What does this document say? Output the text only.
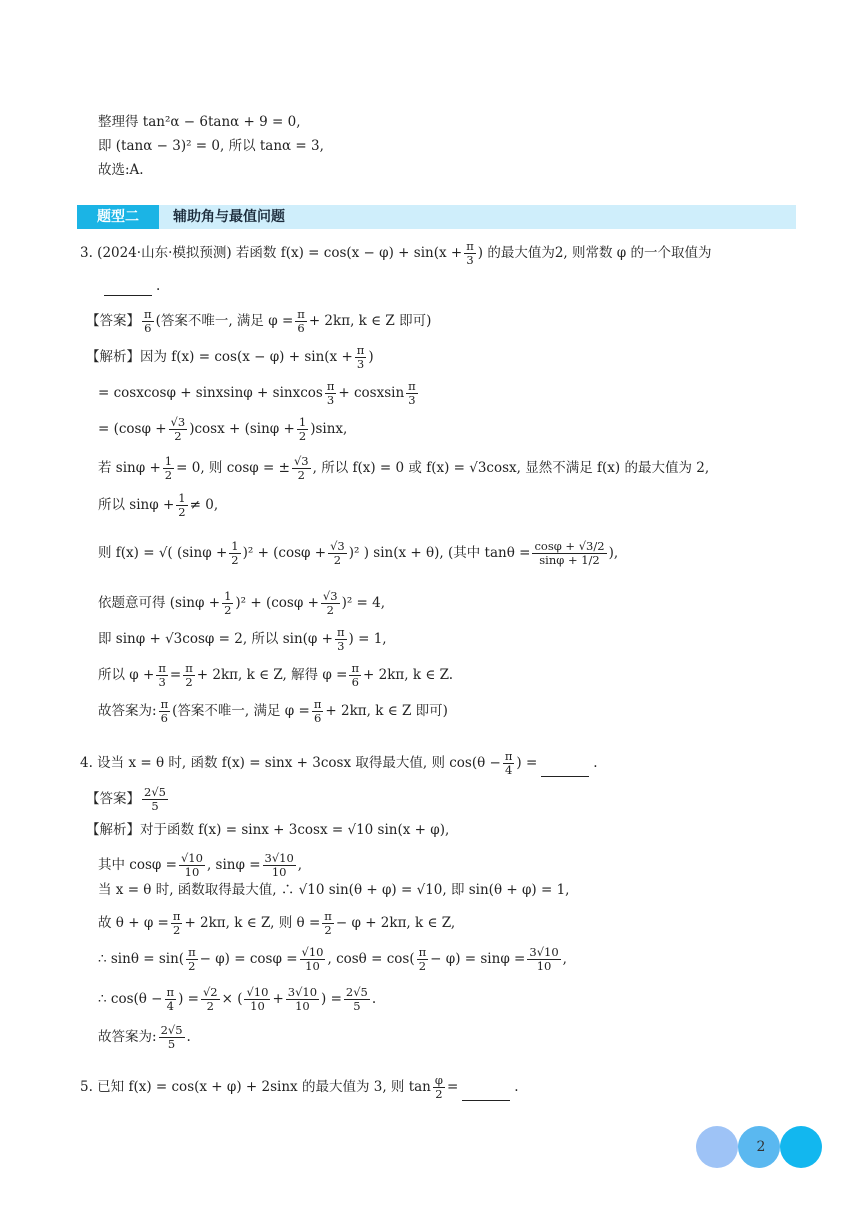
整理得 tan²α − 6tanα + 9 = 0,
即 (tanα − 3)² = 0, 所以 tanα = 3,
故选:A.
题型二	辅助角与最值问题
3. (2024·山东·模拟预测) 若函数 $f(x) = \cos(x - \varphi) + \sin(x + \frac{\pi}{3}$ ) 的最大值为2, 则常数 φ 的一个取值为
.
【答案】 $\frac{\pi}{6}$ (答案不唯一, 满足 $\varphi = \frac{\pi}{6} + 2k\pi$, k ∈ Z 即可)
【解析】因为 $f(x) = \cos(x - \varphi) + \sin(x + \frac{\pi}{3}$ )
= cosxcosφ + sinxsinφ + sinxcos $\frac{\pi}{3}$ + cosxsin $\frac{\pi}{3}$
= $(\cos\varphi + \frac{√3}{2} )\cos x + (\sin\varphi + \frac{1}{2} )\sin x$,
若 $\sin\varphi + \frac{1}{2} = 0$, 则 cosφ = ± $\frac{√3}{2}$ , 所以 f(x) = 0 或 f(x) = √3cosx, 显然不满足 f(x) 的最大值为 2,
所以 $\sin\varphi + \frac{1}{2} \ne 0$,
则 f(x) = √( $(\sin\varphi + \frac{1}{2} )^2 + (\cos\varphi + \frac{√3}{2} )^2$ ) sin(x + θ), (其中 $\tan\theta = \frac{\cos\varphi + √3/2}{\sin\varphi + 1/2}$ ),
依题意可得 $(\sin\varphi + \frac{1}{2} )^2 + (\cos\varphi + \frac{√3}{2} )^2 = 4$,
即 sinφ + √3cosφ = 2, 所以 $\sin(\varphi + \frac{\pi}{3}$ ) = 1,
所以 $\varphi + \frac{\pi}{3} = \frac{\pi}{2} + 2k\pi$, k ∈ Z, 解得 $\varphi = \frac{\pi}{6} + 2k\pi$, k ∈ Z.
故答案为: $\frac{\pi}{6}$ (答案不唯一, 满足 $\varphi = \frac{\pi}{6} + 2k\pi$, k ∈ Z 即可)
4. 设当 x = θ 时, 函数 f(x) = sinx + 3cosx 取得最大值, 则 $\cos(\theta - \frac{\pi}{4}$ ) =	.
【答案】 $\frac{2√5}{5}$
【解析】对于函数 f(x) = sinx + 3cosx = √10 sin(x + φ),
其中 $\cos\varphi = \frac{√10}{10}$ , $\sin\varphi = \frac{3√10}{10}$ ,
当 x = θ 时, 函数取得最大值, ∴ √10 sin(θ + φ) = √10, 即 sin(θ + φ) = 1,
故 $\theta + \varphi = \frac{\pi}{2} + 2k\pi$, k ∈ Z, 则 $\theta = \frac{\pi}{2} - \varphi + 2k\pi$, k ∈ Z,
∴ $\sin\theta = \sin( \frac{\pi}{2} - \varphi) = \cos\varphi = \frac{√10}{10}$ , $\cos\theta = \cos( \frac{\pi}{2} - \varphi) = \sin\varphi = \frac{3√10}{10}$ ,
∴ $\cos(\theta - \frac{\pi}{4}$ ) = $\frac{√2}{2}$ × ( $\frac{√10}{10} + \frac{3√10}{10}$ ) = $\frac{2√5}{5}$ .
故答案为: $\frac{2√5}{5}$ .
5. 已知 f(x) = cos(x + φ) + 2sinx 的最大值为 3, 则 $\tan \frac{\varphi}{2}$ =	.
2
